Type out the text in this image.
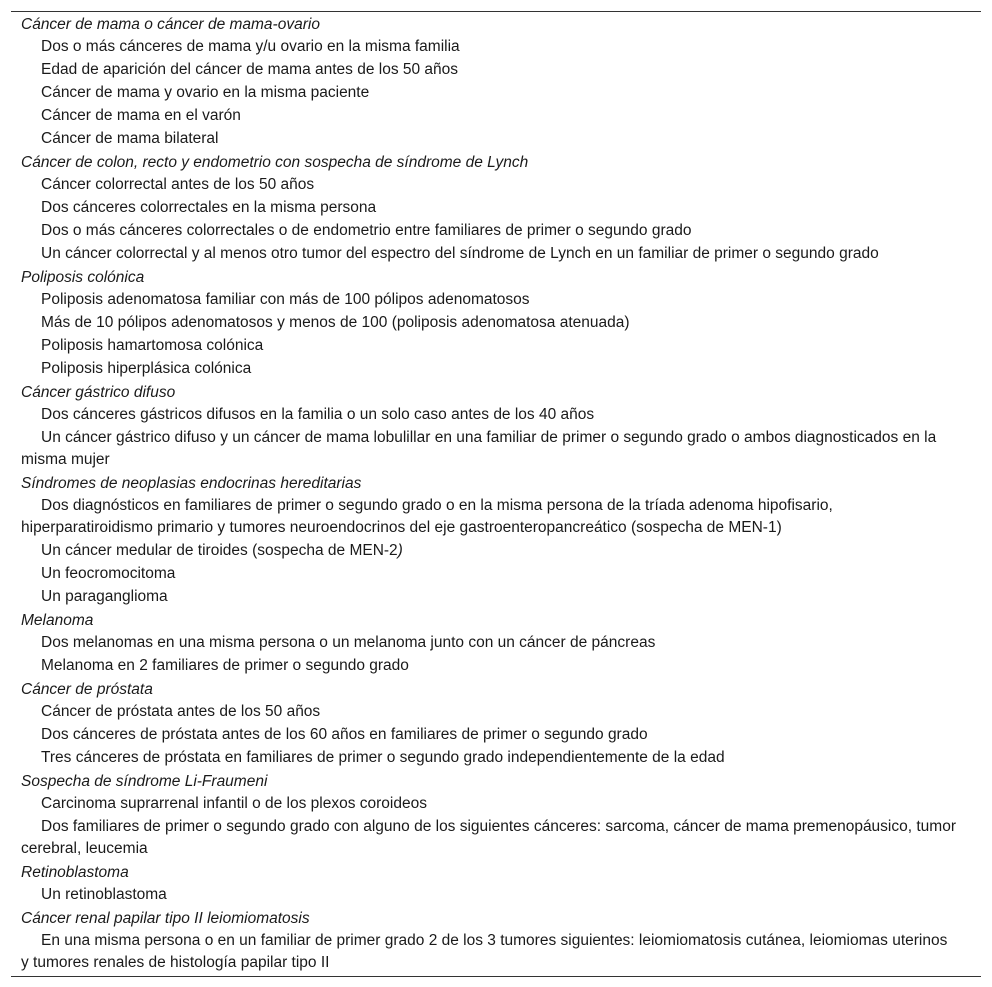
Cáncer de mama o cáncer de mama-ovario
Dos o más cánceres de mama y/u ovario en la misma familia
Edad de aparición del cáncer de mama antes de los 50 años
Cáncer de mama y ovario en la misma paciente
Cáncer de mama en el varón
Cáncer de mama bilateral
Cáncer de colon, recto y endometrio con sospecha de síndrome de Lynch
Cáncer colorrectal antes de los 50 años
Dos cánceres colorrectales en la misma persona
Dos o más cánceres colorrectales o de endometrio entre familiares de primer o segundo grado
Un cáncer colorrectal y al menos otro tumor del espectro del síndrome de Lynch en un familiar de primer o segundo grado
Poliposis colónica
Poliposis adenomatosa familiar con más de 100 pólipos adenomatosos
Más de 10 pólipos adenomatosos y menos de 100 (poliposis adenomatosa atenuada)
Poliposis hamartomosa colónica
Poliposis hiperplásica colónica
Cáncer gástrico difuso
Dos cánceres gástricos difusos en la familia o un solo caso antes de los 40 años
Un cáncer gástrico difuso y un cáncer de mama lobulillar en una familiar de primer o segundo grado o ambos diagnosticados en la misma mujer
Síndromes de neoplasias endocrinas hereditarias
Dos diagnósticos en familiares de primer o segundo grado o en la misma persona de la tríada adenoma hipofisario, hiperparatiroidismo primario y tumores neuroendocrinos del eje gastroenteropancreático (sospecha de MEN-1)
Un cáncer medular de tiroides (sospecha de MEN-2)
Un feocromocitoma
Un paraganglioma
Melanoma
Dos melanomas en una misma persona o un melanoma junto con un cáncer de páncreas
Melanoma en 2 familiares de primer o segundo grado
Cáncer de próstata
Cáncer de próstata antes de los 50 años
Dos cánceres de próstata antes de los 60 años en familiares de primer o segundo grado
Tres cánceres de próstata en familiares de primer o segundo grado independientemente de la edad
Sospecha de síndrome Li-Fraumeni
Carcinoma suprarrenal infantil o de los plexos coroideos
Dos familiares de primer o segundo grado con alguno de los siguientes cánceres: sarcoma, cáncer de mama premenopáusico, tumor cerebral, leucemia
Retinoblastoma
Un retinoblastoma
Cáncer renal papilar tipo II leiomiomatosis
En una misma persona o en un familiar de primer grado 2 de los 3 tumores siguientes: leiomiomatosis cutánea, leiomiomas uterinos y tumores renales de histología papilar tipo II
